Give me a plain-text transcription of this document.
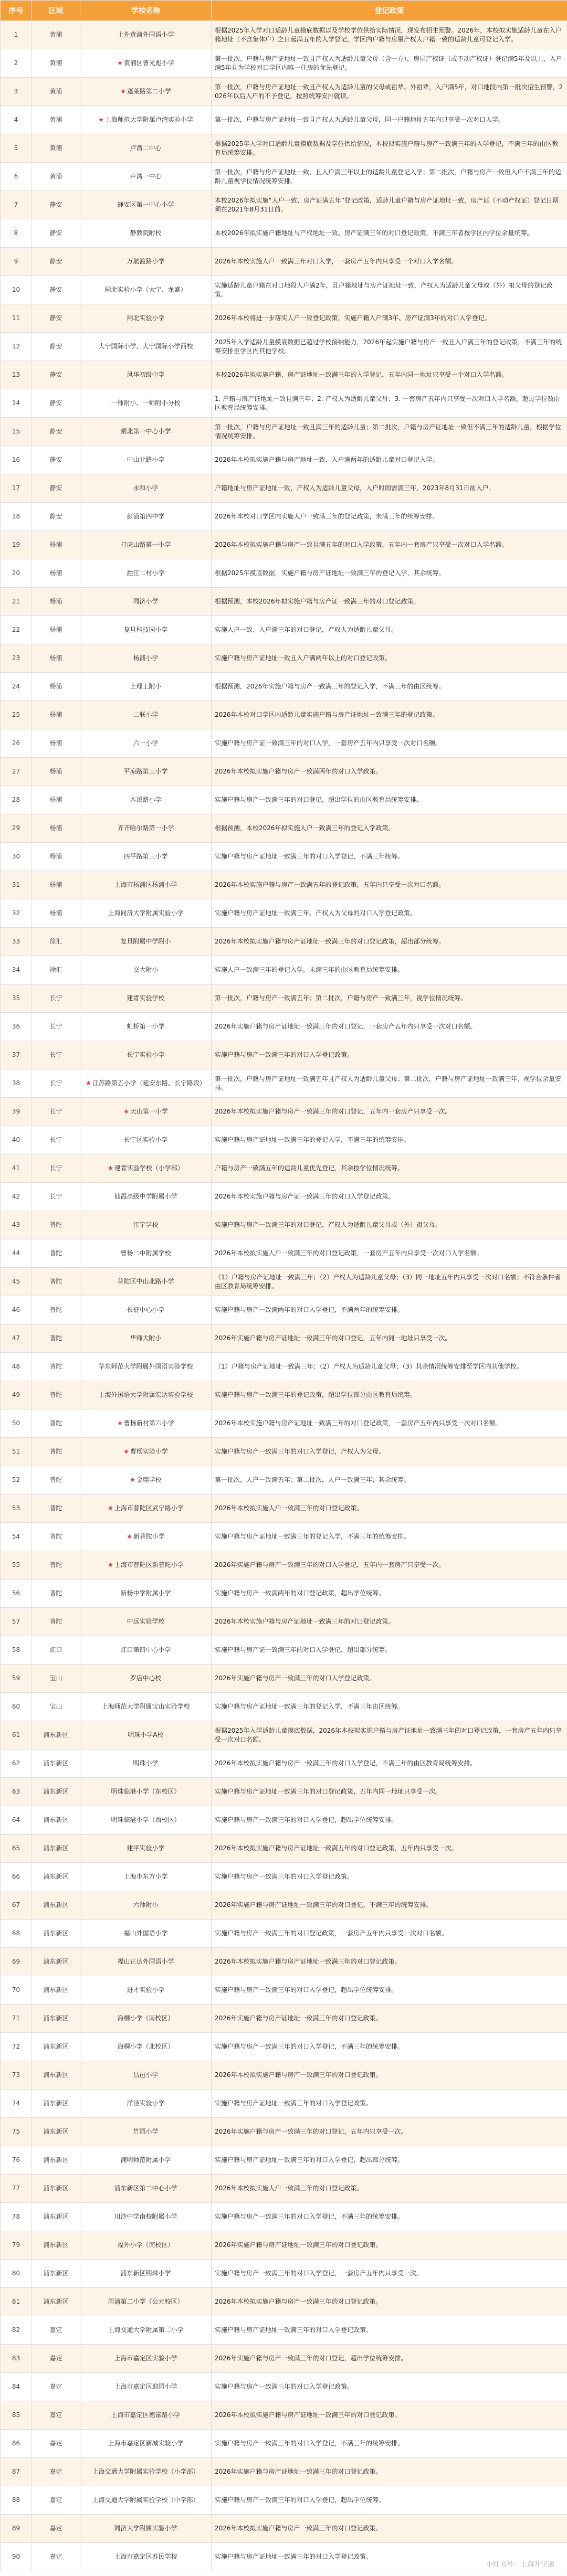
序号	区域	学校名称	登记政策
1	黄浦	上外黄浦外国语小学	根据2025年入学对口适龄儿童摸底数据以及学校学位供给实际情况，现发布招生预警。2026年，本校拟实施适龄儿童在入户籍地址（不含集体户）之日起满五年的入学登记，学区内户籍与房屋产权人户籍一致的适龄儿童可登记入学。
2	黄浦	★ 黄浦区曹光彪小学	第一批次，户籍与房产证地址一致且产权人为适龄儿童父母（含一方），房屋产权证（或不动产权证）登记满5年及以上，入户满5年且为学校对口学区内唯一住房的优先登记。
3	黄浦	★ 蓬莱路第二小学	第一批次，户籍与房产证地址一致且产权人为适龄儿童的父母或祖辈、外祖辈，入户满5年，对口地段内第一批次招生预警，2026年以后入户的不予登记，按照统筹安排就读。
4	黄浦	★ 上海师范大学附属卢湾实验小学	第一批次，户籍与房产证地址一致且产权人为适龄儿童父母，同一户籍地址五年内只享受一次对口入学。
5	黄浦	卢湾二中心	根据2025年入学对口适龄儿童摸底数据及学位供给情况，本校拟实施户籍与房产一致满三年的入学登记，不满三年的由区教育局统筹安排。
6	黄浦	卢湾一中心	第一批次，户籍与房产证地址一致，且入户满三年以上的适龄儿童登记入学；第二批次，户籍与房产一致但入户不满三年的适龄儿童视学位情况统筹安排。
7	静安	静安区第一中心小学	本校2026年拟实施“人户一致、房产证满五年”登记政策，适龄儿童户籍与房产证地址一致，房产证（不动产权证）登记日期须在2021年8月31日前。
8	静安	静教院附校	本校2026年拟实施户籍地址与产权地址一致、房产证满三年的对口登记政策，不满三年者按学区内学位余量统筹。
9	静安	万航渡路小学	2026年本校实施人户一致满三年对口入学，一套房产五年内只享受一个对口入学名额。
10	静安	闸北实验小学（大宁、龙盛）	实施适龄儿童户籍在对口地段入户满2年，且户籍地址与房产证地址一致，产权人为适龄儿童父母或（外）祖父母的登记政策。
11	静安	闸北实验小学	2026年本校将进一步落实人户一致登记政策，实施户籍入户满3年、房产证满3年的对口入学登记。
12	静安	大宁国际小学、大宁国际小学西校	2025年入学适龄儿童摸底数据已超过学校接纳能力，2026年起实施户籍与房产一致且入户满三年的登记政策，不满三年的统筹安排至学区内其他学校。
13	静安	风华初级中学	本校2026年拟实施户籍、房产证地址一致满三年的入学登记，五年内同一地址只享受一个对口入学名额。
14	静安	一师附小、一师附小分校	1. 户籍与房产证地址一致且满三年；2. 产权人为适龄儿童父母；3. 一套房产五年内只享受一次对口入学名额，超过学位数由区教育局统筹安排。
15	静安	闸北第一中心小学	第一批次，户籍与房产证地址一致且满三年的适龄儿童；第二批次，户籍与房产证地址一致但不满三年的适龄儿童，根据学位情况统筹安排。
16	静安	中山北路小学	2026年本校拟实施户籍与房产地址一致、入户满两年的适龄儿童对口登记入学。
17	静安	永和小学	户籍地址与房产证地址一致，产权人为适龄儿童父母，入户时间需满三年，2023年8月31日前入户。
18	静安	彭浦第四中学	2026年本校对口学区内实施人户一致满三年的登记政策，未满三年的统筹安排。
19	杨浦	打虎山路第一小学	2026年本校拟实施户籍与房产一致且满五年的对口入学政策，五年内一套房产只享受一次对口入学名额。
20	杨浦	控江二村小学	根据2025年摸底数据，实施户籍与房产证地址一致满三年的登记入学，其余统筹。
21	杨浦	同济小学	根据预测，本校2026年拟实施户籍与房产证一致满三年的对口登记政策。
22	杨浦	复旦科技园小学	实施人户一致、入户满三年的对口登记，产权人为适龄儿童父母。
23	杨浦	杨浦小学	实施户籍与房产证地址一致且入户满两年以上的对口登记政策。
24	杨浦	上理工附小	根据预测，2026年实施户籍与房产一致满三年的登记入学，不满三年的由区统筹。
25	杨浦	二联小学	2026年本校对口学区内适龄儿童实施户籍与房产证地址一致满三年的登记政策。
26	杨浦	六一小学	实施户籍与房产证一致满三年的对口入学，一套房产五年内只享受一次对口名额。
27	杨浦	平凉路第三小学	2026年本校拟实施户籍与房产一致满两年的对口入学政策。
28	杨浦	本溪路小学	实施户籍与房产一致满三年的对口登记，超出学位的由区教育局统筹安排。
29	杨浦	齐齐哈尔路第一小学	根据预测，本校2026年拟实施人户一致满三年的登记入学政策。
30	杨浦	四平路第三小学	实施户籍与房产证地址一致满三年的对口入学登记，不满三年统筹。
31	杨浦	上海市杨浦区杨浦小学	2026年本校实施户籍与房产一致满五年的登记政策，五年内只享受一次对口名额。
32	杨浦	上海同济大学附属实验小学	实施户籍与房产证地址一致满三年、产权人为父母的对口入学登记政策。
33	徐汇	复旦附属中学附小	2026年本校拟实施户籍与房产证地址一致满三年的对口登记政策，超出部分统筹。
34	徐汇	交大附小	实施人户一致满三年的登记入学，未满三年的由区教育局统筹安排。
35	长宁	建青实验学校	第一批次，户籍与房产一致满五年；第二批次，户籍与房产一致满三年，视学位情况统筹。
36	长宁	虹桥第一小学	2026年实施户籍与房产证地址一致满三年的对口登记，一套房产五年内只享受一次对口名额。
37	长宁	长宁实验小学	实施户籍与房产一致满三年的对口入学登记政策。
38	长宁	★ 江苏路第五小学（延安东路、长宁路段）	第一批次，户籍与房产证地址一致满五年且产权人为适龄儿童父母；第二批次，户籍与房产证地址一致满三年，视学位余量安排。
39	长宁	★ 天山第一小学	2026年本校拟实施户籍与房产一致满三年的对口登记，五年内一套房产只享受一次。
40	长宁	长宁区实验小学	实施户籍与房产证地址一致满三年的登记入学，不满三年的统筹安排。
41	长宁	★ 建青实验学校（小学部）	户籍与房产一致满五年的适龄儿童优先登记，其余按学位情况统筹。
42	长宁	仙霞高级中学附属小学	2026年本校实施户籍与房产证一致满三年的对口入学登记政策。
43	普陀	江宁学校	实施户籍与房产一致满三年的对口登记，产权人为适龄儿童父母或（外）祖父母。
44	普陀	曹杨二中附属学校	2026年本校拟实施人户一致满三年的对口登记政策，一套房产五年内只享受一次对口入学名额。
45	普陀	普陀区中山北路小学	（1）户籍与房产证地址一致满三年；（2）产权人为适龄儿童父母；（3）同一地址五年内只享受一次对口名额；不符合条件者由区教育局统筹安排。
46	普陀	长征中心小学	实施户籍与房产一致满两年的对口入学登记，不满两年的统筹安排。
47	普陀	华师大附小	2026年实施户籍与房产证地址一致满三年的对口登记，五年内同一地址只享受一次。
48	普陀	华东师范大学附属外国语实验学校	（1）户籍与房产证地址一致满三年；（2）产权人为适龄儿童父母；（3）其余情况统筹安排至学区内其他学校。
49	普陀	上海外国语大学附属宏达实验学校	实施户籍与房产一致满三年的登记政策，超出学位部分由区教育局统筹。
50	普陀	★ 曹杨新村第六小学	2026年本校实施户籍与房产证地址一致满三年的对口登记政策，一套房产五年内只享受一次对口名额。
51	普陀	★ 曹杨实验小学	实施户籍与房产一致满三年的对口入学登记，产权人为父母。
52	普陀	★ 金鼎学校	第一批次，人户一致满五年；第二批次，人户一致满三年；其余统筹。
53	普陀	★ 上海市普陀区武宁路小学	2026年本校拟实施人户一致满三年的对口登记政策。
54	普陀	★ 新普陀小学	实施户籍与房产证地址一致满三年的登记入学，不满三年的统筹安排。
55	普陀	★ 上海市普陀区新普陀小学	2026年实施户籍与房产一致满三年的对口入学登记，五年内一套房产只享受一次。
56	普陀	新杨中学附属小学	实施户籍与房产一致满两年的对口登记政策，超出学位统筹。
57	普陀	中远实验学校	2026年本校实施户籍与房产证地址一致满三年的对口登记政策。
58	虹口	虹口第四中心小学	实施户籍与房产证一致满三年的对口入学登记，超出部分统筹。
59	宝山	罗店中心校	2026年实施户籍与房产一致满三年的对口入学登记政策。
60	宝山	上海师范大学附属宝山实验学校	实施户籍与房产证地址一致满三年的登记入学，不满三年由区统筹。
61	浦东新区	明珠小学A校	根据2025年入学适龄儿童摸底数据，2026年本校拟实施户籍与房产证地址一致满三年的对口登记政策，一套房产五年内只享受一次对口名额。
62	浦东新区	明珠小学	2026年本校拟实施户籍与房产一致满三年的对口入学登记，不满三年的由区教育局统筹安排。
63	浦东新区	明珠临港小学（东校区）	实施户籍与房产证地址一致满三年的对口登记政策，五年内同一地址只享受一次。
64	浦东新区	明珠临港小学（西校区）	实施户籍与房产一致满三年的对口入学登记，超出学位统筹安排。
65	浦东新区	建平实验小学	2026年本校拟实施户籍与房产证地址一致满五年的对口登记政策，五年内只享受一次。
66	浦东新区	上海市东方小学	实施户籍与房产一致满三年的对口入学登记政策。
67	浦东新区	六师附小	2026年实施户籍与房产证地址一致满三年的对口登记，不满三年的统筹安排。
68	浦东新区	福山外国语小学	实施户籍与房产一致满三年的对口登记政策，一套房产五年内只享受一次对口名额。
69	浦东新区	福山正达外国语小学	2026年本校拟实施户籍与房产证地址一致满三年的对口登记政策。
70	浦东新区	进才实验小学	实施户籍与房产一致满三年的对口入学登记，超出学位统筹安排。
71	浦东新区	海桐小学（南校区）	2026年实施户籍与房产证地址一致满三年的对口登记政策。
72	浦东新区	海桐小学（北校区）	实施户籍与房产一致满三年的对口入学登记，不满三年的统筹安排。
73	浦东新区	昌邑小学	2026年本校拟实施户籍与房产一致满三年的对口登记政策。
74	浦东新区	洋泾实验小学	实施户籍与房产证地址一致满三年的对口入学登记政策。
75	浦东新区	竹园小学	2026年实施户籍与房产一致满三年的对口登记，五年内只享受一次。
76	浦东新区	浦明师范附属小学	实施户籍与房产证地址一致满三年的对口入学登记，超出部分统筹。
77	浦东新区	浦东新区第二中心小学	2026年本校拟实施人户一致满三年的对口登记政策。
78	浦东新区	川沙中学南校附属小学	实施户籍与房产一致满三年的对口入学登记，不满三年的统筹安排。
79	浦东新区	福外小学（南校区）	2026年实施户籍与房产证地址一致满三年的对口登记政策。
80	浦东新区	浦东新区明珠小学	实施户籍与房产一致满三年的对口入学登记，一套房产五年内只享受一次。
81	浦东新区	周浦第二小学（公元校区）	2026年本校拟实施户籍与房产一致满三年的对口登记政策。
82	嘉定	上海交通大学附属第二小学	实施户籍与房产证地址一致满三年的对口入学登记政策。
83	嘉定	上海市嘉定区实验小学	2026年实施户籍与房产一致满三年的对口登记，超出学位统筹安排。
84	嘉定	上海市嘉定区迎园小学	实施户籍与房产一致满三年的对口入学登记政策。
85	嘉定	上海市嘉定区德富路小学	2026年本校拟实施户籍与房产证地址一致满三年的对口登记政策。
86	嘉定	上海市嘉定区新城实验小学	实施户籍与房产一致满三年的对口入学登记，不满三年的统筹安排。
87	嘉定	上海交通大学附属实验学校（小学部）	2026年实施户籍与房产证地址一致满三年的对口登记政策。
88	嘉定	上海交通大学附属实验学校（中学部）	实施户籍与房产一致满三年的对口入学登记，超出学位统筹。
89	嘉定	同济大学附属实验小学	2026年本校拟实施户籍与房产一致满三年的对口登记政策。
90	嘉定	上海市嘉定区苏民学校	实施户籍与房产证地址一致满三年的对口入学登记政策。
小红书号：上海升学通
